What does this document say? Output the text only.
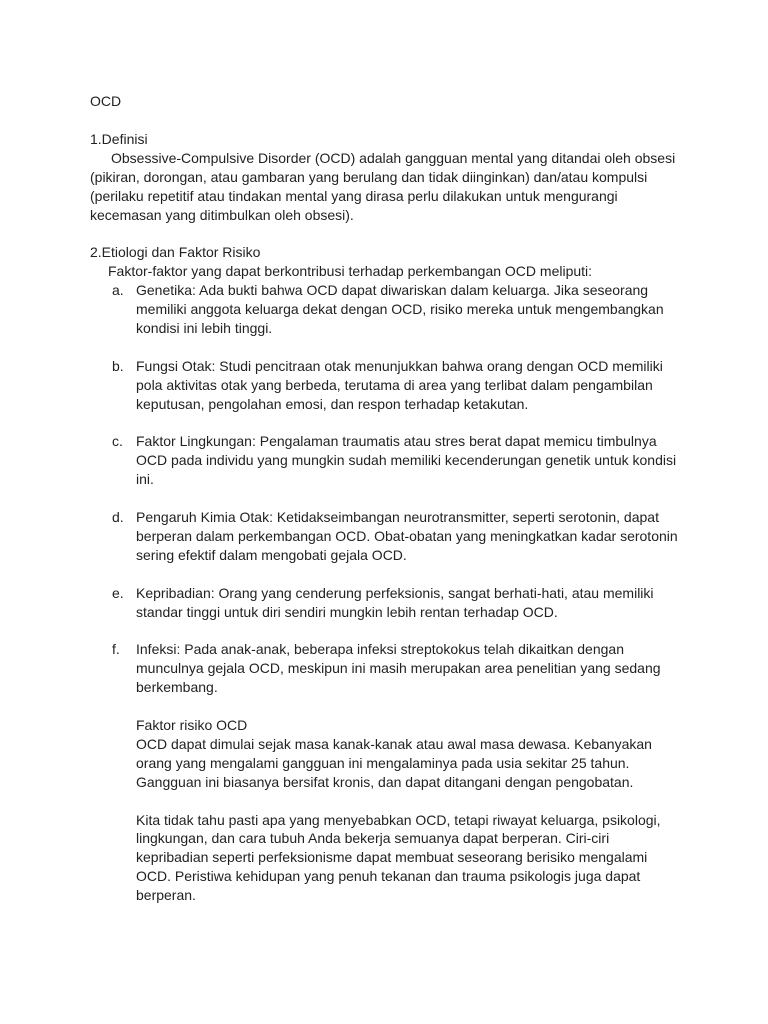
OCD

1.Definisi

Obsessive-Compulsive Disorder (OCD) adalah gangguan mental yang ditandai oleh obsesi (pikiran, dorongan, atau gambaran yang berulang dan tidak diinginkan) dan/atau kompulsi (perilaku repetitif atau tindakan mental yang dirasa perlu dilakukan untuk mengurangi kecemasan yang ditimbulkan oleh obsesi).

2.Etiologi dan Faktor Risiko

Faktor-faktor yang dapat berkontribusi terhadap perkembangan OCD meliputi:

a. Genetika: Ada bukti bahwa OCD dapat diwariskan dalam keluarga. Jika seseorang memiliki anggota keluarga dekat dengan OCD, risiko mereka untuk mengembangkan kondisi ini lebih tinggi.
b. Fungsi Otak: Studi pencitraan otak menunjukkan bahwa orang dengan OCD memiliki pola aktivitas otak yang berbeda, terutama di area yang terlibat dalam pengambilan keputusan, pengolahan emosi, dan respon terhadap ketakutan.
c. Faktor Lingkungan: Pengalaman traumatis atau stres berat dapat memicu timbulnya OCD pada individu yang mungkin sudah memiliki kecenderungan genetik untuk kondisi ini.
d. Pengaruh Kimia Otak: Ketidakseimbangan neurotransmitter, seperti serotonin, dapat berperan dalam perkembangan OCD. Obat-obatan yang meningkatkan kadar serotonin sering efektif dalam mengobati gejala OCD.
e. Kepribadian: Orang yang cenderung perfeksionis, sangat berhati-hati, atau memiliki standar tinggi untuk diri sendiri mungkin lebih rentan terhadap OCD.
f.	Infeksi: Pada anak-anak, beberapa infeksi streptokokus telah dikaitkan dengan munculnya gejala OCD, meskipun ini masih merupakan area penelitian yang sedang berkembang.

Faktor risiko OCD
OCD dapat dimulai sejak masa kanak-kanak atau awal masa dewasa. Kebanyakan orang yang mengalami gangguan ini mengalaminya pada usia sekitar 25 tahun. Gangguan ini biasanya bersifat kronis, dan dapat ditangani dengan pengobatan.

Kita tidak tahu pasti apa yang menyebabkan OCD, tetapi riwayat keluarga, psikologi, lingkungan, dan cara tubuh Anda bekerja semuanya dapat berperan. Ciri-ciri kepribadian seperti perfeksionisme dapat membuat seseorang berisiko mengalami OCD. Peristiwa kehidupan yang penuh tekanan dan trauma psikologis juga dapat berperan.
